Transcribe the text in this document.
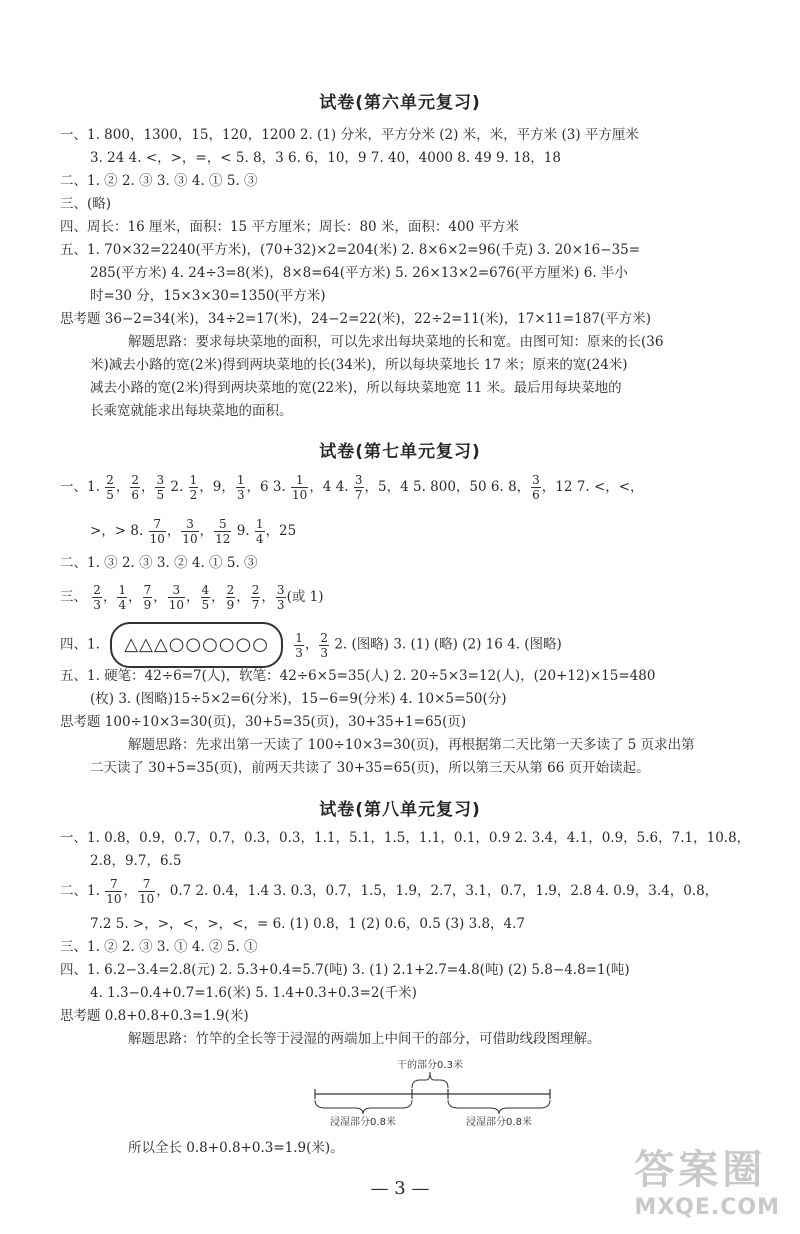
试卷(第六单元复习)
一、1. 800，1300，15，120，1200 2. (1) 分米，平方分米 (2) 米，米，平方米 (3) 平方厘米
3. 24 4. <，>，=，< 5. 8，3 6. 6，10，9 7. 40，4000 8. 49 9. 18，18
二、1. ② 2. ③ 3. ③ 4. ① 5. ③
三、(略)
四、周长：16 厘米，面积：15 平方厘米；周长：80 米，面积：400 平方米
五、1. 70×32=2240(平方米)，(70+32)×2=204(米) 2. 8×6×2=96(千克) 3. 20×16−35=
285(平方米) 4. 24÷3=8(米)，8×8=64(平方米) 5. 26×13×2=676(平方厘米) 6. 半小
时=30 分，15×3×30=1350(平方米)
思考题 36−2=34(米)，34÷2=17(米)，24−2=22(米)，22÷2=11(米)，17×11=187(平方米)
解题思路：要求每块菜地的面积，可以先求出每块菜地的长和宽。由图可知：原来的长(36
米)减去小路的宽(2米)得到两块菜地的长(34米)，所以每块菜地长 17 米；原来的宽(24米)
减去小路的宽(2米)得到两块菜地的宽(22米)，所以每块菜地宽 11 米。最后用每块菜地的
长乘宽就能求出每块菜地的面积。
试卷(第七单元复习)
一、1. $\frac{2}{5}$ ， $\frac{2}{6}$ ， $\frac{3}{5} 2$. $\frac{1}{2}$ ，9， $\frac{1}{3}$ ，6 3. $\frac{1}{10}$ ，4 4. $\frac{3}{7}$ ，5，4 5. 800，50 6. 8， $\frac{3}{6}$ ，12 7. <，<，
>，> 8. $\frac{7}{10}$ ， $\frac{3}{10}$ ， $\frac{5}{12} 9$. $\frac{1}{4}$ ，25
二、1. ③ 2. ③ 3. ② 4. ① 5. ③
三、 $\frac{2}{3}$ ， $\frac{1}{4}$ ， $\frac{7}{9}$ ， $\frac{3}{10}$ ， $\frac{4}{5}$ ， $\frac{2}{9}$ ， $\frac{2}{7}$ ， $\frac{3}{3}$ (或 1)
四、1. △△△○○○○○○ $\frac{1}{3}$ ， $\frac{2}{3} 2$. (图略) 3. (1) (略) (2) 16 4. (图略)
五、1. 硬笔：42÷6=7(人)，软笔：42÷6×5=35(人) 2. 20÷5×3=12(人)，(20+12)×15=480
(枚) 3. (图略)15÷5×2=6(分米)，15−6=9(分米) 4. 10×5=50(分)
思考题 100÷10×3=30(页)，30+5=35(页)，30+35+1=65(页)
解题思路：先求出第一天读了 100÷10×3=30(页)，再根据第二天比第一天多读了 5 页求出第
二天读了 30+5=35(页)，前两天共读了 30+35=65(页)，所以第三天从第 66 页开始读起。
试卷(第八单元复习)
一、1. 0.8，0.9，0.7，0.7，0.3，0.3，1.1，5.1，1.5，1.1，0.1，0.9 2. 3.4，4.1，0.9，5.6，7.1，10.8，
2.8，9.7，6.5
二、1. $\frac{7}{10}$ ， $\frac{7}{10}$ ，0.7 2. 0.4，1.4 3. 0.3，0.7，1.5，1.9，2.7，3.1，0.7，1.9，2.8 4. 0.9，3.4，0.8，
7.2 5. >，>，<，>，<，= 6. (1) 0.8，1 (2) 0.6，0.5 (3) 3.8，4.7
三、1. ② 2. ③ 3. ① 4. ② 5. ①
四、1. 6.2−3.4=2.8(元) 2. 5.3+0.4=5.7(吨) 3. (1) 2.1+2.7=4.8(吨) (2) 5.8−4.8=1(吨)
4. 1.3−0.4+0.7=1.6(米) 5. 1.4+0.3+0.3=2(千米)
思考题 0.8+0.8+0.3=1.9(米)
解题思路：竹竿的全长等于浸湿的两端加上中间干的部分，可借助线段图理解。
干的部分0.3米
浸湿部分0.8米	浸湿部分0.8米
所以全长 0.8+0.8+0.3=1.9(米)。
— 3 —	答案圈
MXQE.COM
